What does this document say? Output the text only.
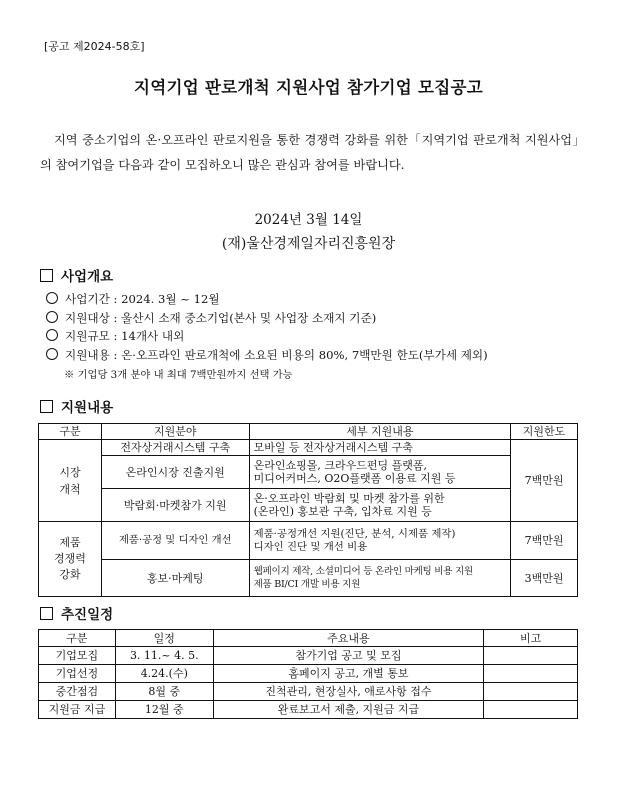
[공고 제2024-58호]
지역기업 판로개척 지원사업 참가기업 모집공고
지역 중소기업의 온·오프라인 판로지원을 통한 경쟁력 강화를 위한「지역기업 판로개척 지원사업」의 참여기업을 다음과 같이 모집하오니 많은 관심과 참여를 바랍니다.
2024년 3월 14일
(재)울산경제일자리진흥원장
사업개요
사업기간 : 2024. 3월 ~ 12월
지원대상 : 울산시 소재 중소기업(본사 및 사업장 소재지 기준)
지원규모 : 14개사 내외
지원내용 : 온·오프라인 판로개척에 소요된 비용의 80%, 7백만원 한도(부가세 제외)
※ 기업당 3개 분야 내 최대 7백만원까지 선택 가능
지원내용
구분	지원분야	세부 지원내용	지원한도
시장
개척	전자상거래시스템 구축	모바일 등 전자상거래시스템 구축	7백만원
	온라인시장 진출지원	온라인쇼핑몰, 크라우드펀딩 플랫폼,
미디어커머스, O2O플랫폼 이용료 지원 등	
	박람회·마켓참가 지원	온·오프라인 박람회 및 마켓 참가를 위한
(온라인) 홍보관 구축, 입차료 지원 등	
제품
경쟁력
강화	제품·공정 및 디자인 개선	제품·공정개선 지원(진단, 분석, 시제품 제작)
디자인 진단 및 개선 비용	7백만원
	홍보·마케팅	웹페이지 제작, 소셜미디어 등 온라인 마케팅 비용 지원
제품 BI/CI 개발 비용 지원	3백만원
추진일정
구분	일정	주요내용	비고
기업모집	3. 11.~ 4. 5.	참가기업 공고 및 모집	
기업선정	4.24.(수)	홈페이지 공고, 개별 통보	
중간점검	8월 중	진척관리, 현장실사, 애로사항 접수	
지원금 지급	12월 중	완료보고서 제출, 지원금 지급	
